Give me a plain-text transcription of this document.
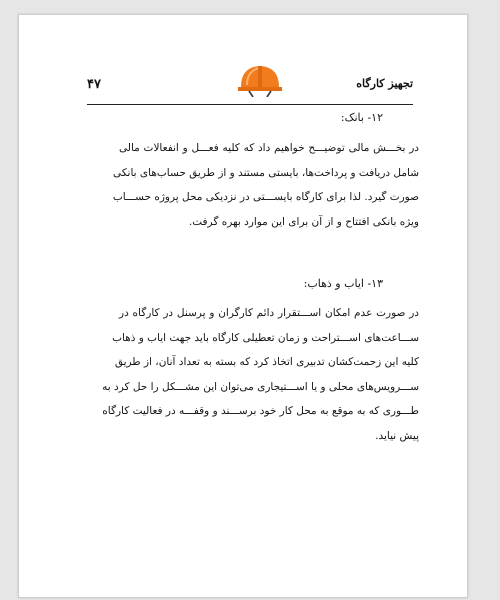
۴۷	تجهیز کارگاه
۱۲- بانک:

در بخـــش مالی توضیـــح خواهیم داد که کلیه فعـــل و انفعالات مالی
شامل دریافت و پرداخت‌ها، بایستی مستند و از طریق حساب‌های بانکی
صورت گیرد. لذا برای کارگاه بایســـتی در نزدیکی محل پروژه حســـاب
ویژه بانکی افتتاح و از آن برای این موارد بهره گرفت.

۱۳- ایاب و ذهاب:

در صورت عدم امکان اســـتقرار دائم کارگران و پرسنل در کارگاه در
ســـاعت‌های اســـتراحت و زمان تعطیلی کارگاه باید جهت ایاب و ذهاب
کلیه این زحمت‌کشان تدبیری اتخاذ کرد که بسته به تعداد آنان، از طریق
ســـرویس‌های محلی و یا اســـتیجاری می‌توان این مشـــکل را حل کرد به
طـــوری که به موقع به محل کار خود برســـند و وقفـــه در فعالیت کارگاه
پیش نیاید.
